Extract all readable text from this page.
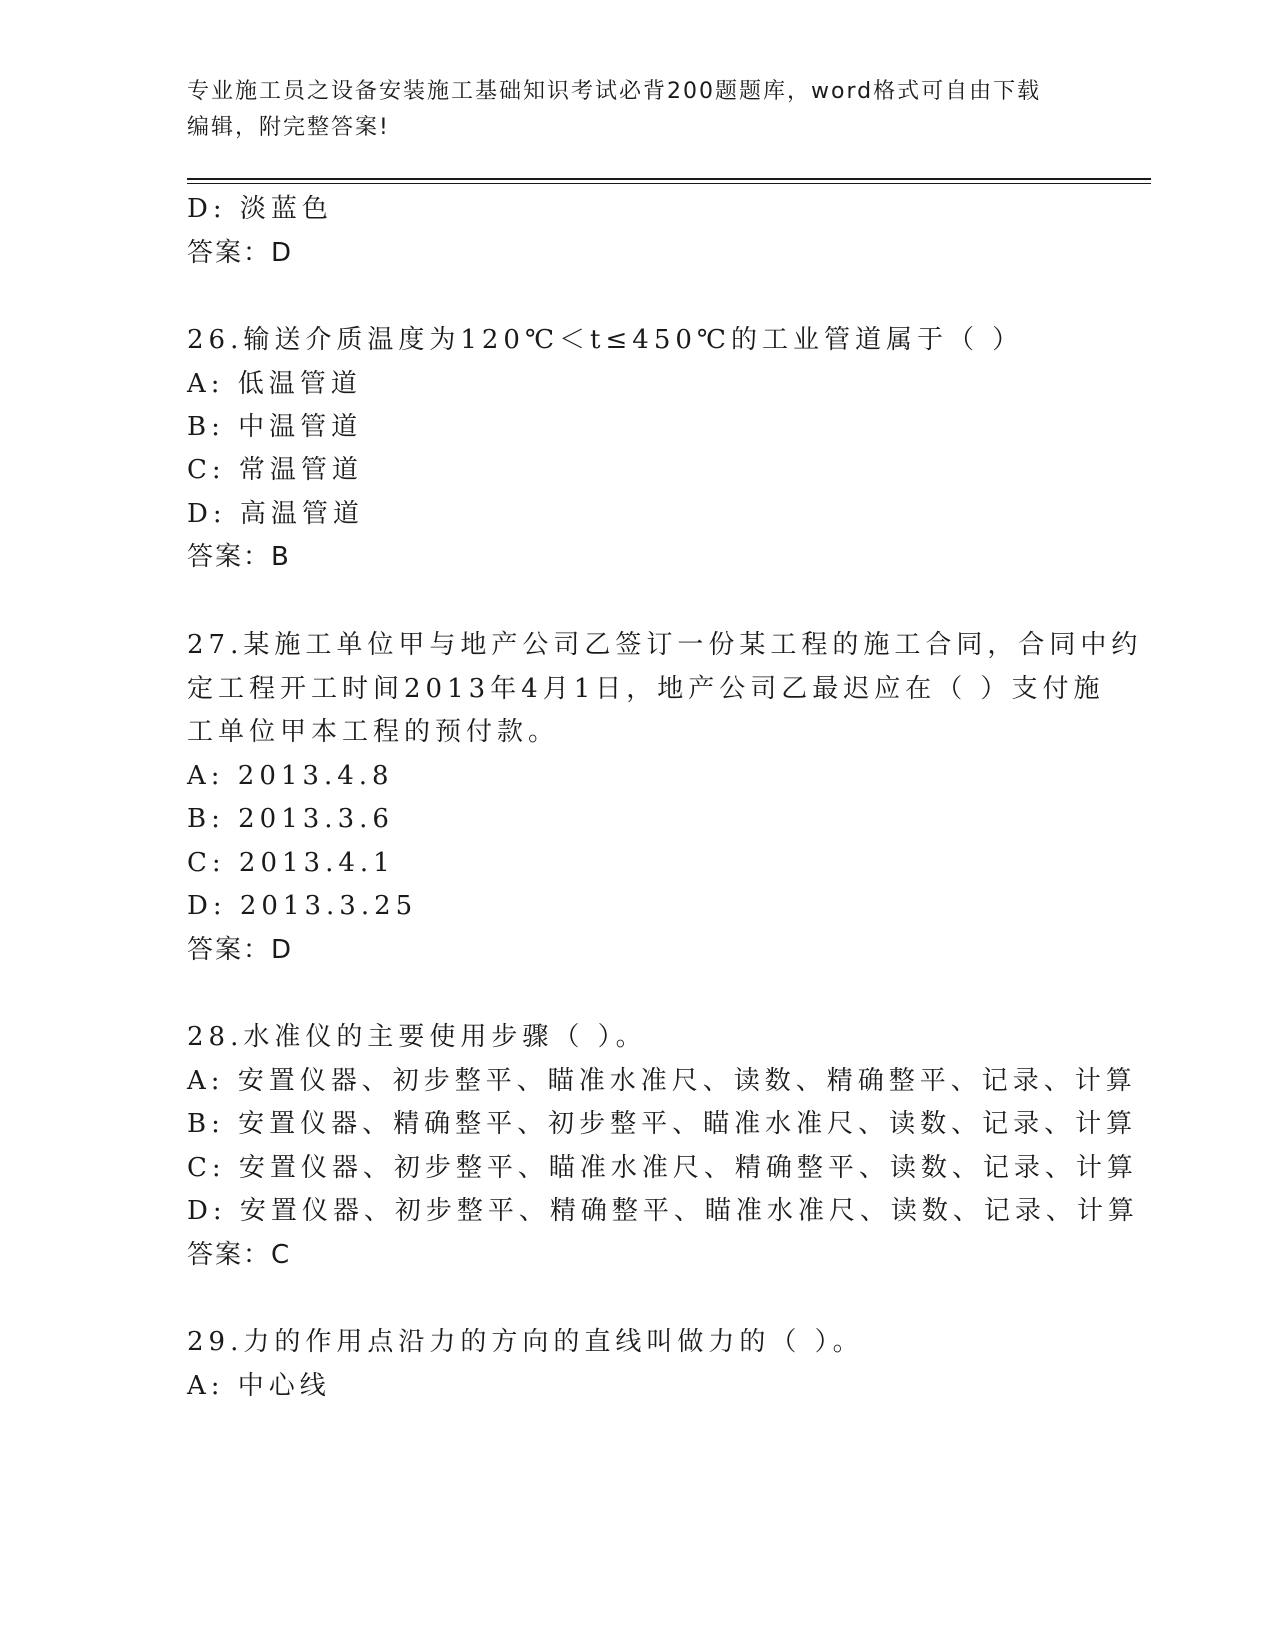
专业施工员之设备安装施工基础知识考试必背200题题库，word格式可自由下载
编辑，附完整答案!
D: 淡蓝色
答案：D
26.输送介质温度为120℃＜t≤450℃的工业管道属于（ ）
A: 低温管道
B: 中温管道
C: 常温管道
D: 高温管道
答案：B
27.某施工单位甲与地产公司乙签订一份某工程的施工合同，合同中约
定工程开工时间2013年4月1日，地产公司乙最迟应在（ ）支付施
工单位甲本工程的预付款。
A: 2013.4.8
B: 2013.3.6
C: 2013.4.1
D: 2013.3.25
答案：D
28.水准仪的主要使用步骤（ ）。
A: 安置仪器、初步整平、瞄准水准尺、读数、精确整平、记录、计算
B: 安置仪器、精确整平、初步整平、瞄准水准尺、读数、记录、计算
C: 安置仪器、初步整平、瞄准水准尺、精确整平、读数、记录、计算
D: 安置仪器、初步整平、精确整平、瞄准水准尺、读数、记录、计算
答案：C
29.力的作用点沿力的方向的直线叫做力的（ ）。
A: 中心线
